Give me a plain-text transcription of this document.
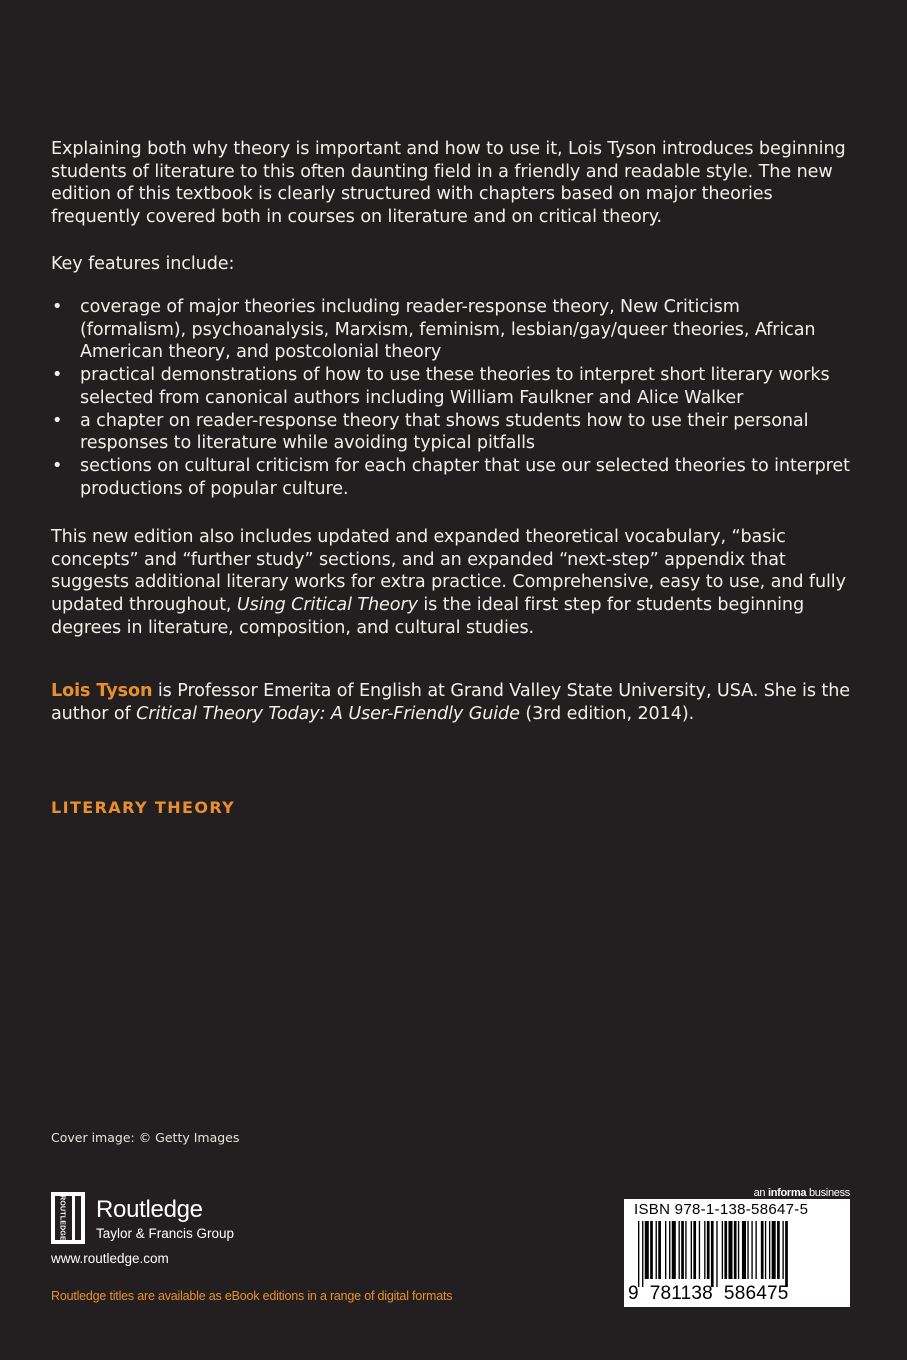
Explaining both why theory is important and how to use it, Lois Tyson introduces beginning students of literature to this often daunting field in a friendly and readable style. The new edition of this textbook is clearly structured with chapters based on major theories frequently covered both in courses on literature and on critical theory.

Key features include:
• coverage of major theories including reader-response theory, New Criticism (formalism), psychoanalysis, Marxism, feminism, lesbian/gay/queer theories, African American theory, and postcolonial theory
• practical demonstrations of how to use these theories to interpret short literary works selected from canonical authors including William Faulkner and Alice Walker
• a chapter on reader-response theory that shows students how to use their personal responses to literature while avoiding typical pitfalls
• sections on cultural criticism for each chapter that use our selected theories to interpret productions of popular culture.
This new edition also includes updated and expanded theoretical vocabulary, “basic concepts” and “further study” sections, and an expanded “next-step” appendix that suggests additional literary works for extra practice. Comprehensive, easy to use, and fully updated throughout, Using Critical Theory is the ideal first step for students beginning degrees in literature, composition, and cultural studies.
Lois Tyson is Professor Emerita of English at Grand Valley State University, USA. She is the author of Critical Theory Today: A User-Friendly Guide (3rd edition, 2014).
LITERARY THEORY
Cover image: © Getty Images
ROUTLEDGE Routledge
Taylor & Francis Group
www.routledge.com
Routledge titles are available as eBook editions in a range of digital formats
an informa business
ISBN 978-1-138-58647-5
9 781138 586475
